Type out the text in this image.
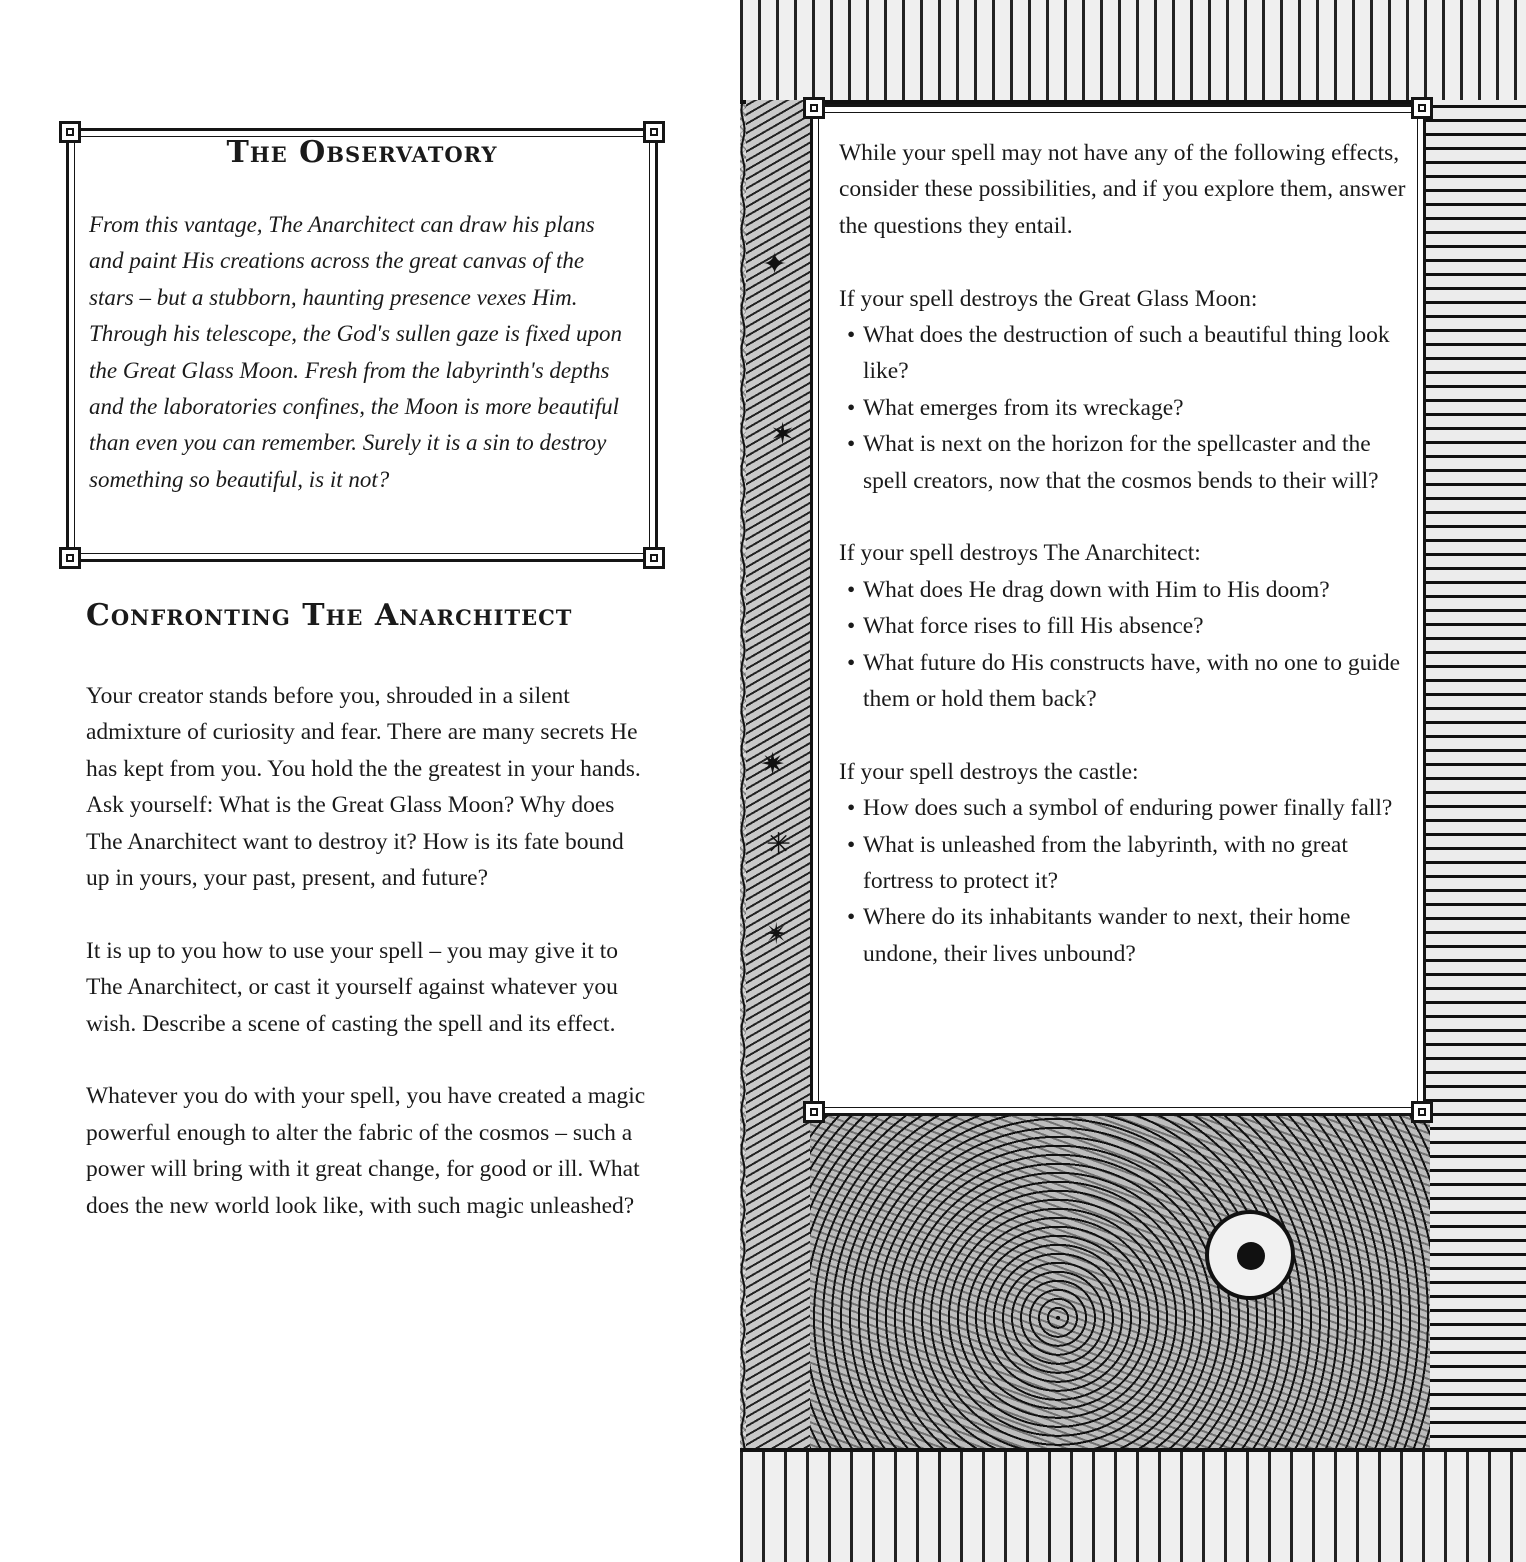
The Observatory
From this vantage, The Anarchitect can draw his plans and paint His creations across the great canvas of the stars – but a stubborn, haunting presence vexes Him. Through his telescope, the God's sullen gaze is fixed upon the Great Glass Moon. Fresh from the labyrinth's depths and the laboratories confines, the Moon is more beautiful than even you can remember. Surely it is a sin to destroy something so beautiful, is it not?
Confronting The Anarchitect

Your creator stands before you, shrouded in a silent admixture of curiosity and fear. There are many secrets He has kept from you. You hold the the greatest in your hands. Ask yourself: What is the Great Glass Moon? Why does The Anarchitect want to destroy it? How is its fate bound up in yours, your past, present, and future?

It is up to you how to use your spell – you may give it to The Anarchitect, or cast it yourself against whatever you wish. Describe a scene of casting the spell and its effect.

Whatever you do with your spell, you have created a magic powerful enough to alter the fabric of the cosmos – such a power will bring with it great change, for good or ill. What does the new world look like, with such magic unleashed?

✦
✶
✷
✳
✴

While your spell may not have any of the following effects, consider these possibilities, and if you explore them, answer the questions they entail.

If your spell destroys the Great Glass Moon:

• What does the destruction of such a beautiful thing look like?
• What emerges from its wreckage?
• What is next on the horizon for the spellcaster and the spell creators, now that the cosmos bends to their will?

If your spell destroys The Anarchitect:

• What does He drag down with Him to His doom?
• What force rises to fill His absence?
• What future do His constructs have, with no one to guide them or hold them back?

If your spell destroys the castle:

• How does such a symbol of enduring power finally fall?
• What is unleashed from the labyrinth, with no great fortress to protect it?
• Where do its inhabitants wander to next, their home undone, their lives unbound?
